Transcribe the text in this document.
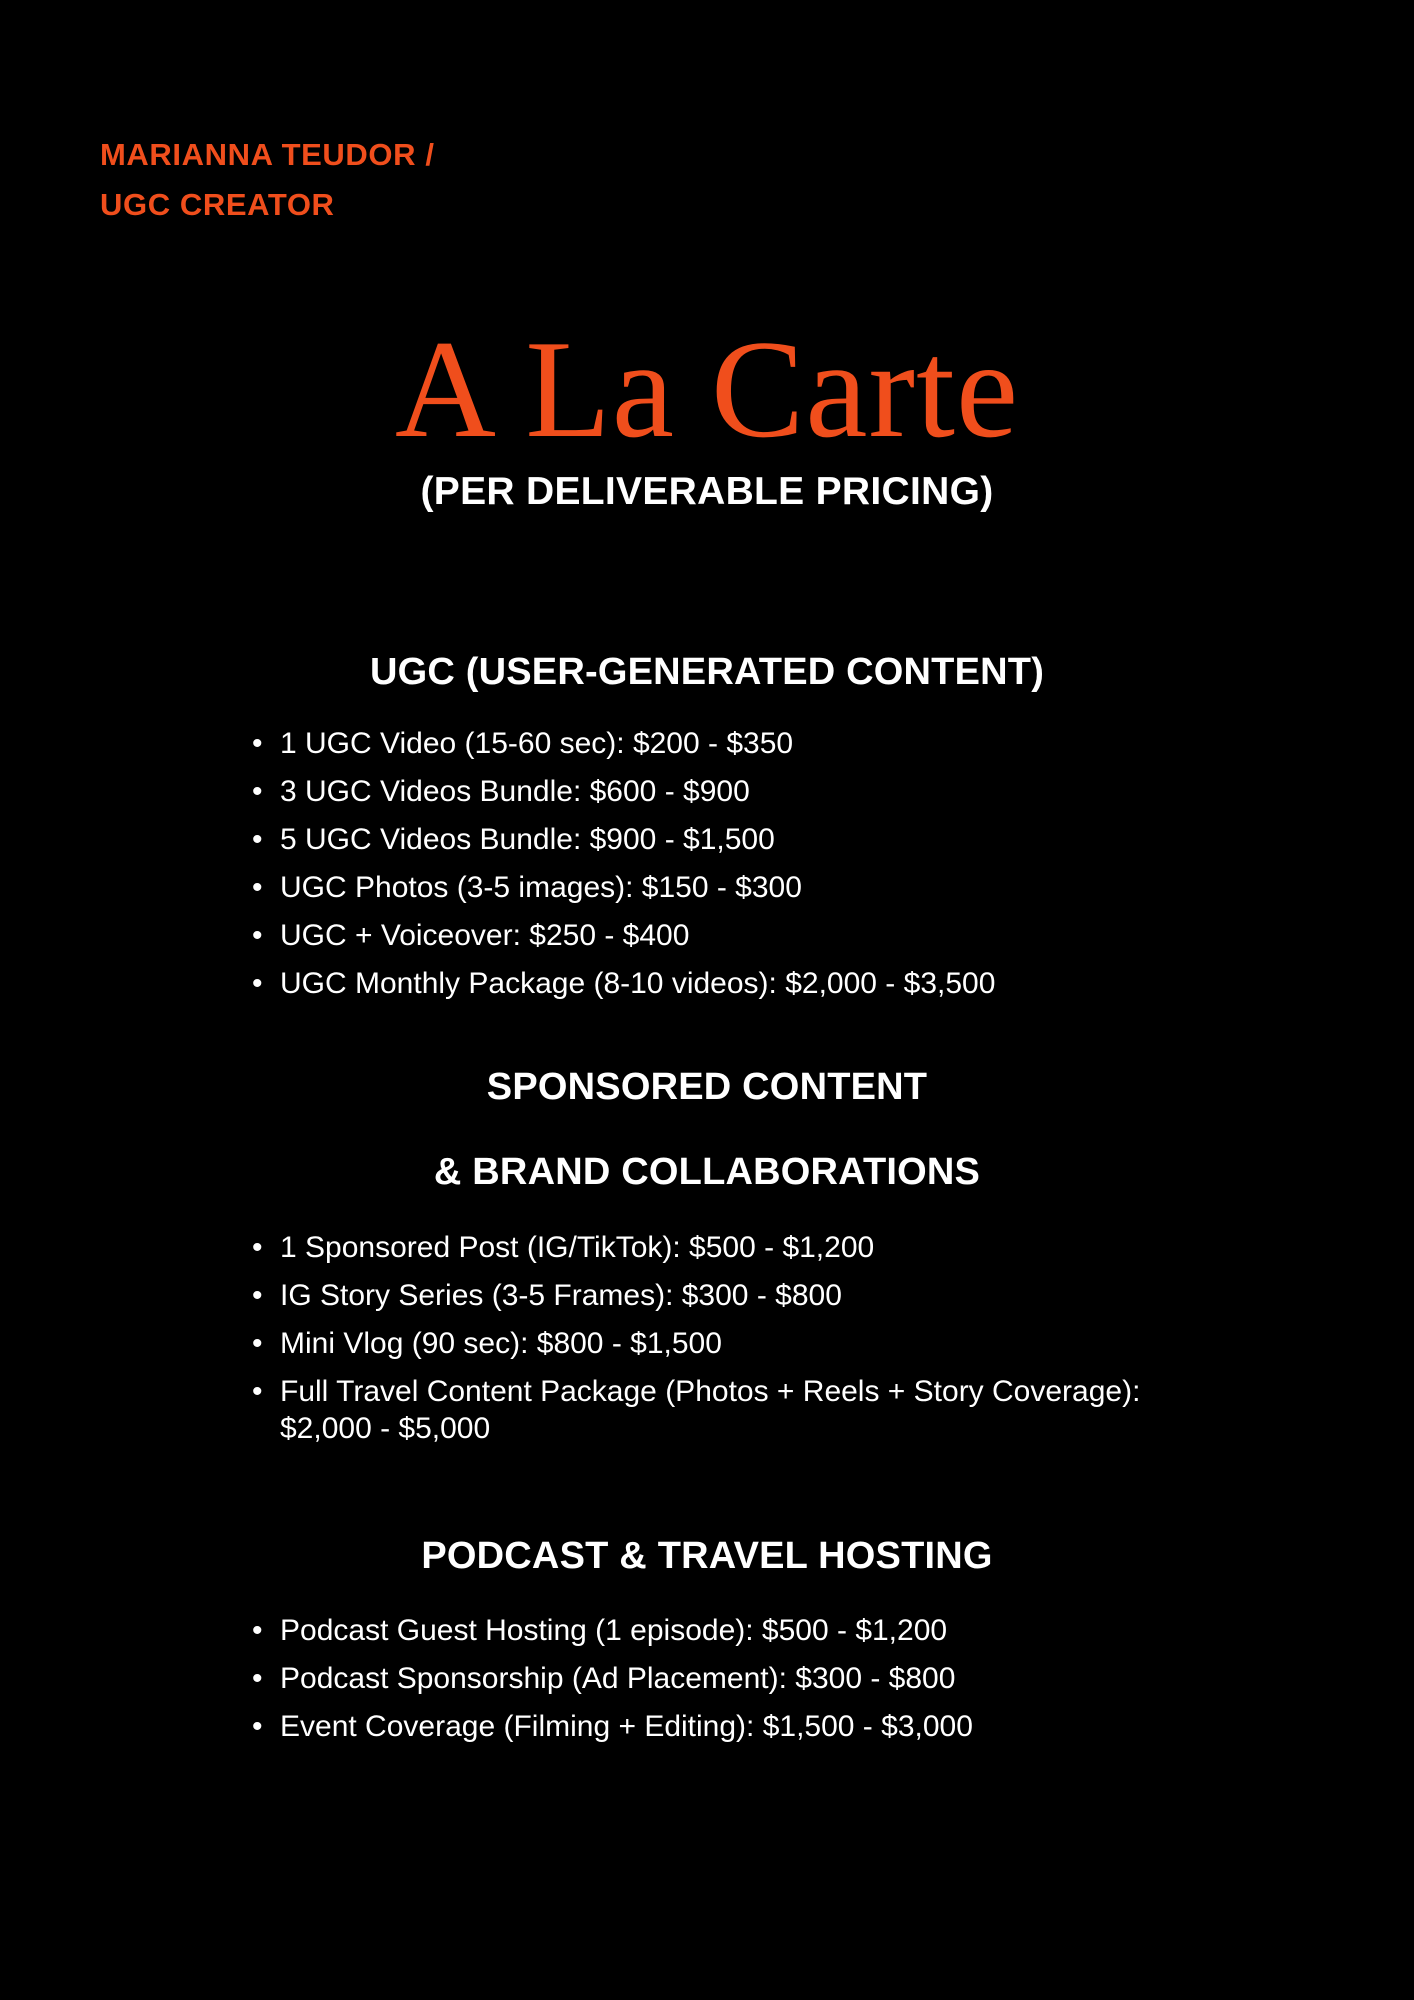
MARIANNA TEUDOR /
UGC CREATOR
A La Carte
(PER DELIVERABLE PRICING)
UGC (USER-GENERATED CONTENT)
• 1 UGC Video (15-60 sec): $200 - $350
• 3 UGC Videos Bundle: $600 - $900
• 5 UGC Videos Bundle: $900 - $1,500
• UGC Photos (3-5 images): $150 - $300
• UGC + Voiceover: $250 - $400
• UGC Monthly Package (8-10 videos): $2,000 - $3,500
SPONSORED CONTENT
& BRAND COLLABORATIONS
• 1 Sponsored Post (IG/TikTok): $500 - $1,200
• IG Story Series (3-5 Frames): $300 - $800
• Mini Vlog (90 sec): $800 - $1,500
• Full Travel Content Package (Photos + Reels + Story Coverage): $2,000 - $5,000
PODCAST & TRAVEL HOSTING
• Podcast Guest Hosting (1 episode): $500 - $1,200
• Podcast Sponsorship (Ad Placement): $300 - $800
• Event Coverage (Filming + Editing): $1,500 - $3,000
